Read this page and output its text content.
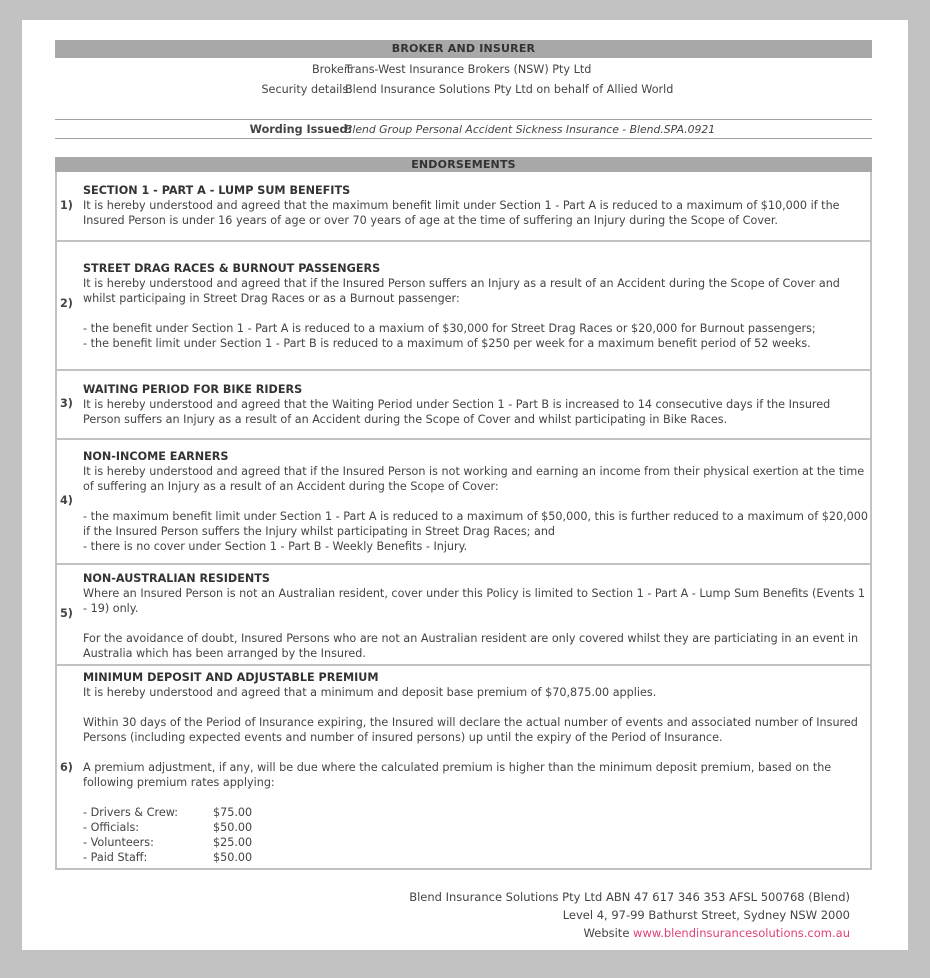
BROKER AND INSURER
Broker:
Trans-West Insurance Brokers (NSW) Pty Ltd
Security details:
Blend Insurance Solutions Pty Ltd on behalf of Allied World
Wording Issued:
Blend Group Personal Accident Sickness Insurance - Blend.SPA.0921
ENDORSEMENTS
1)

SECTION 1 - PART A - LUMP SUM BENEFITS

It is hereby understood and agreed that the maximum benefit limit under Section 1 - Part A is reduced to a maximum of $10,000 if the Insured Person is under 16 years of age or over 70 years of age at the time of suffering an Injury during the Scope of Cover.

2)

STREET DRAG RACES & BURNOUT PASSENGERS

It is hereby understood and agreed that if the Insured Person suffers an Injury as a result of an Accident during the Scope of Cover and whilst participaing in Street Drag Races or as a Burnout passenger:

- the benefit under Section 1 - Part A is reduced to a maxium of $30,000 for Street Drag Races or $20,000 for Burnout passengers;

- the benefit limit under Section 1 - Part B is reduced to a maximum of $250 per week for a maximum benefit period of 52 weeks.

3)

WAITING PERIOD FOR BIKE RIDERS

It is hereby understood and agreed that the Waiting Period under Section 1 - Part B is increased to 14 consecutive days if the Insured Person suffers an Injury as a result of an Accident during the Scope of Cover and whilst participating in Bike Races.

4)

NON-INCOME EARNERS

It is hereby understood and agreed that if the Insured Person is not working and earning an income from their physical exertion at the time of suffering an Injury as a result of an Accident during the Scope of Cover:

- the maximum benefit limit under Section 1 - Part A is reduced to a maximum of $50,000, this is further reduced to a maximum of $20,000 if the Insured Person suffers the Injury whilst participating in Street Drag Races; and

- there is no cover under Section 1 - Part B - Weekly Benefits - Injury.

5)

NON-AUSTRALIAN RESIDENTS

Where an Insured Person is not an Australian resident, cover under this Policy is limited to Section 1 - Part A - Lump Sum Benefits (Events 1 - 19) only.

For the avoidance of doubt, Insured Persons who are not an Australian resident are only covered whilst they are particiating in an event in Australia which has been arranged by the Insured.

6)

MINIMUM DEPOSIT AND ADJUSTABLE PREMIUM

It is hereby understood and agreed that a minimum and deposit base premium of $70,875.00 applies.

Within 30 days of the Period of Insurance expiring, the Insured will declare the actual number of events and associated number of Insured Persons (including expected events and number of insured persons) up until the expiry of the Period of Insurance.

A premium adjustment, if any, will be due where the calculated premium is higher than the minimum deposit premium, based on the following premium rates applying:

- Drivers & Crew:	$75.00
- Officials:	$50.00
- Volunteers:	$25.00
- Paid Staff:	$50.00
Blend Insurance Solutions Pty Ltd ABN 47 617 346 353 AFSL 500768 (Blend)
Level 4, 97-99 Bathurst Street, Sydney NSW 2000
Website www.blendinsurancesolutions.com.au
